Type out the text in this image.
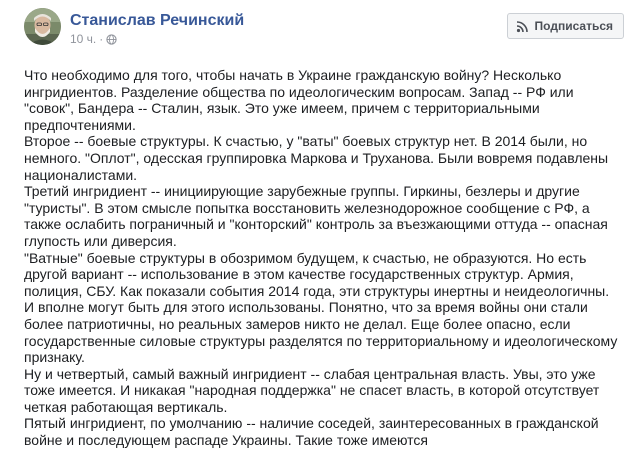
Станислав Речинский
10 ч. ·
Подписаться

Что необходимо для того, чтобы начать в Украине гражданскую войну? Несколько ингридиентов. Разделение общества по идеологическим вопросам. Запад -- РФ или "совок", Бандера -- Сталин, язык. Это уже имеем, причем с территориальными предпочтениями.

Второе -- боевые структуры. К счастью, у "ваты" боевых структур нет. В 2014 были, но немного. "Оплот", одесская группировка Маркова и Труханова. Были вовремя подавлены националистами.

Третий ингридиент -- инициирующие зарубежные группы. Гиркины, безлеры и другие "туристы". В этом смысле попытка восстановить железнодорожное сообщение с РФ, а также ослабить пограничный и "конторский" контроль за въезжающими оттуда -- опасная глупость или диверсия.

"Ватные" боевые структуры в обозримом будущем, к счастью, не образуются. Но есть другой вариант -- использование в этом качестве государственных структур. Армия, полиция, СБУ. Как показали события 2014 года, эти структуры инертны и неидеологичны. И вполне могут быть для этого использованы. Понятно, что за время войны они стали более патриотичны, но реальных замеров никто не делал. Еще более опасно, если государственные силовые структуры разделятся по территориальному и идеологическому признаку.

Ну и четвертый, самый важный ингридиент -- слабая центральная власть. Увы, это уже тоже имеется. И никакая "народная поддержка" не спасет власть, в которой отсутствует четкая работающая вертикаль.

Пятый ингридиент, по умолчанию -- наличие соседей, заинтересованных в гражданской войне и последующем распаде Украины. Такие тоже имеются
